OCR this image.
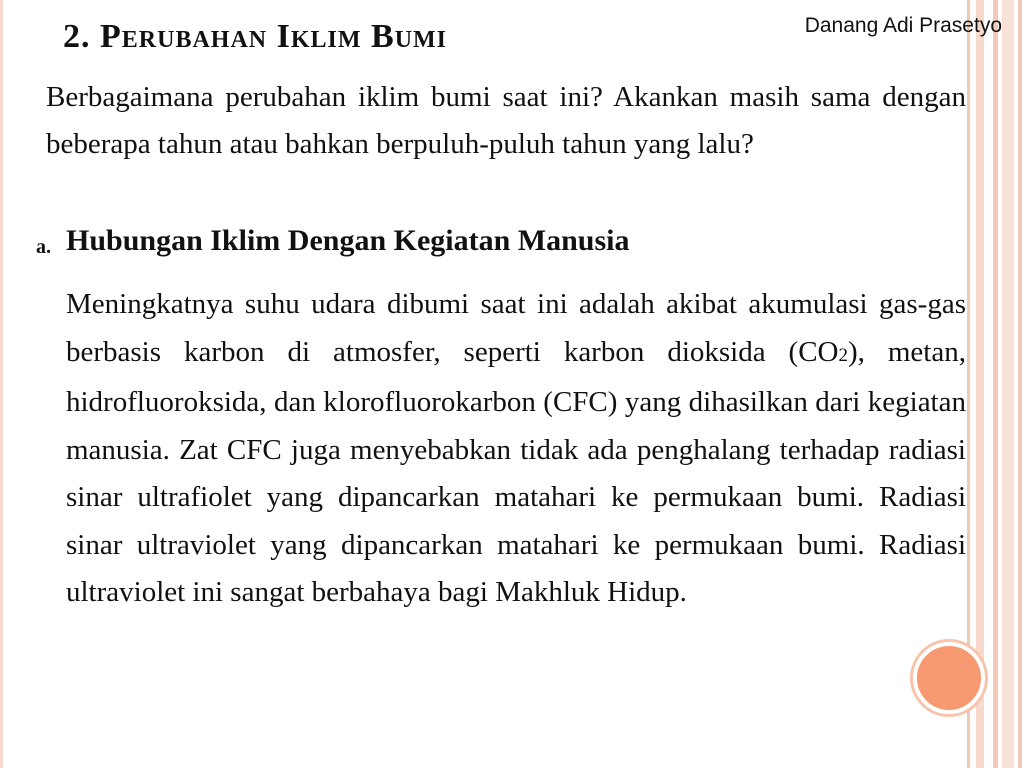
Danang Adi Prasetyo
2. Perubahan Iklim Bumi
Berbagaimana perubahan iklim bumi saat ini? Akankan masih sama dengan beberapa tahun atau bahkan berpuluh-puluh tahun yang lalu?
a. Hubungan Iklim Dengan Kegiatan Manusia
Meningkatnya suhu udara dibumi saat ini adalah akibat akumulasi gas-gas berbasis karbon di atmosfer, seperti karbon dioksida (CO2), metan, hidrofluoroksida, dan klorofluorokarbon (CFC) yang dihasilkan dari kegiatan manusia. Zat CFC juga menyebabkan tidak ada penghalang terhadap radiasi sinar ultrafiolet yang dipancarkan matahari ke permukaan bumi. Radiasi sinar ultraviolet yang dipancarkan matahari ke permukaan bumi. Radiasi ultraviolet ini sangat berbahaya bagi Makhluk Hidup.
